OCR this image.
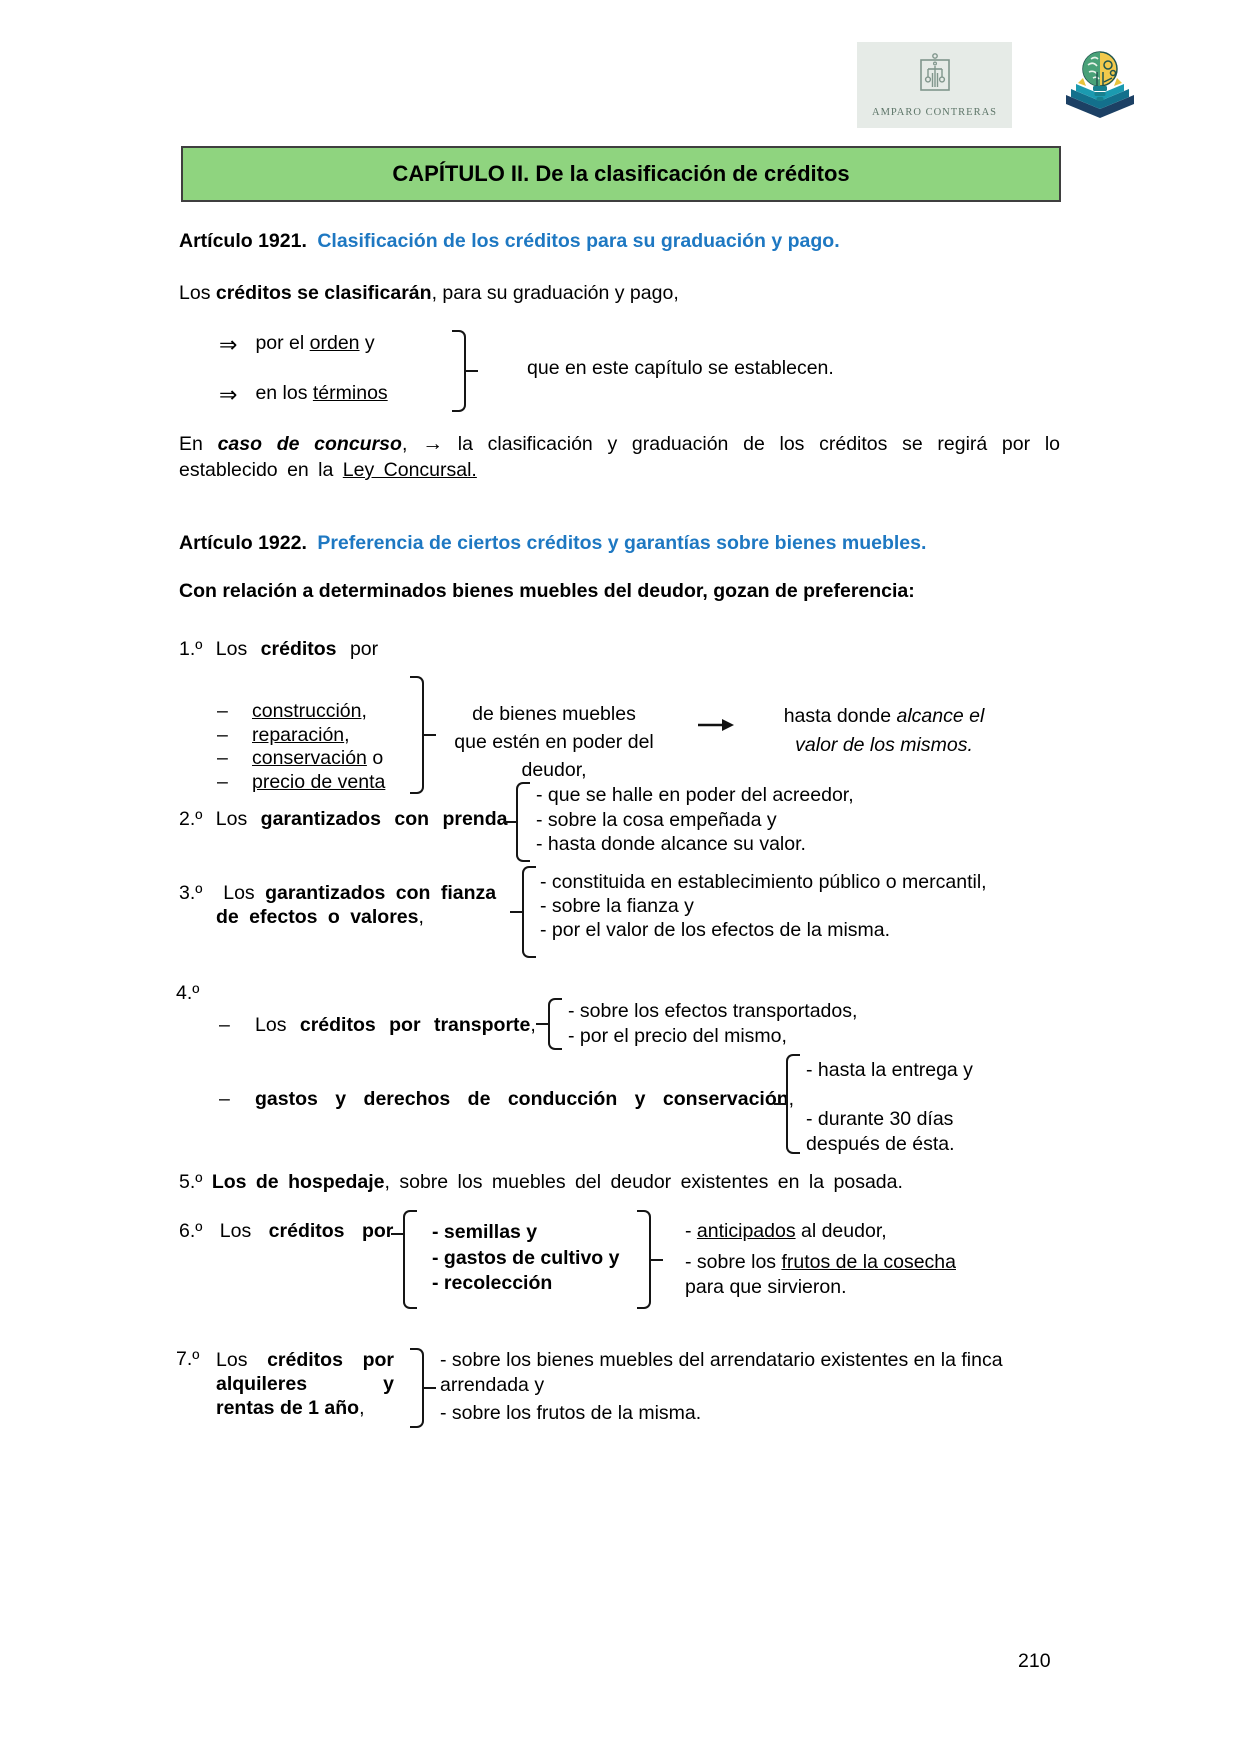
AMPARO CONTRERAS
CAPÍTULO II. De la clasificación de créditos
Artículo 1921. Clasificación de los créditos para su graduación y pago.
Los créditos se clasificarán, para su graduación y pago,
⇒ por el orden y
⇒ en los términos
que en este capítulo se establecen.
En caso de concurso, → la clasificación y graduación de los créditos se regirá por lo establecido en la Ley Concursal.
Artículo 1922. Preferencia de ciertos créditos y garantías sobre bienes muebles.
Con relación a determinados bienes muebles del deudor, gozan de preferencia:
1.º Los créditos por
–	construcción,
–	reparación,
–	conservación o
–	precio de venta
de bienes muebles que estén en poder del deudor,
hasta donde alcance el valor de los mismos.
2.º Los garantizados con prenda
- que se halle en poder del acreedor,
- sobre la cosa empeñada y
- hasta donde alcance su valor.
3.º Los garantizados con fianza
de efectos o valores,
- constituida en establecimiento público o mercantil,
- sobre la fianza y
- por el valor de los efectos de la misma.
4.º
– Los créditos por transporte,
- sobre los efectos transportados,
- por el precio del mismo,
– gastos y derechos de conducción y conservación,
- hasta la entrega y
- durante 30 días después de ésta.
5.º Los de hospedaje, sobre los muebles del deudor existentes en la posada.
6.º Los créditos por - semillas y
- gastos de cultivo y
- recolección
- anticipados al deudor,
- sobre los frutos de la cosecha para que sirvieron.
7.º Los créditos por
alquileres	y
rentas de 1 año,
- sobre los bienes muebles del arrendatario existentes en la finca arrendada y
- sobre los frutos de la misma.
210
